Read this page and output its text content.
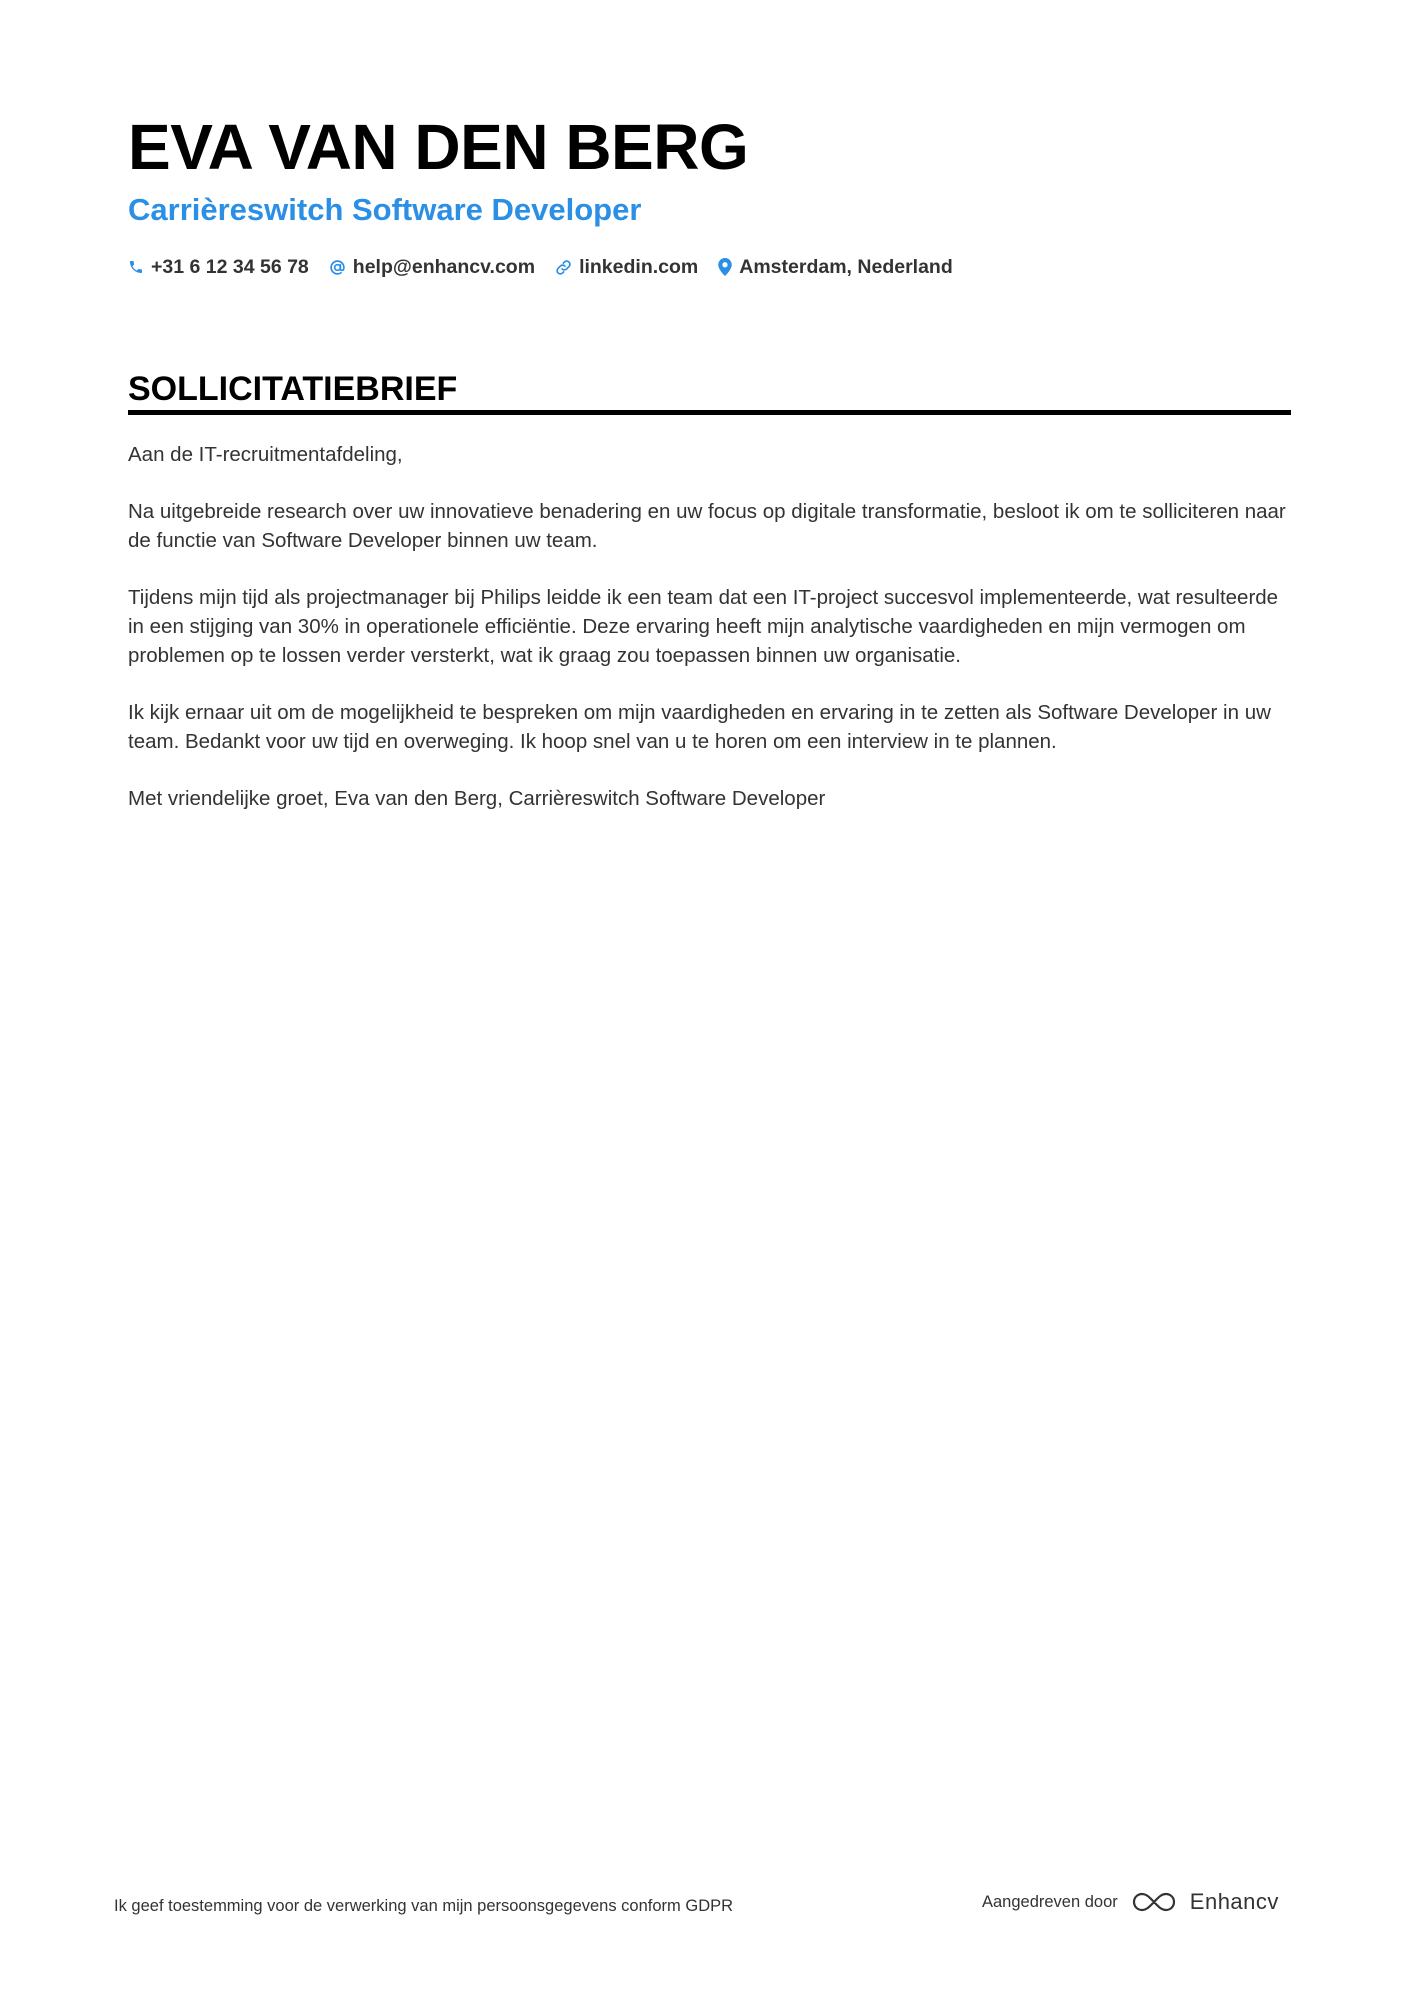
EVA VAN DEN BERG
Carrièreswitch Software Developer
+31 6 12 34 56 78 help@enhancv.com linkedin.com Amsterdam, Nederland
SOLLICITATIEBRIEF

Aan de IT-recruitmentafdeling,

Na uitgebreide research over uw innovatieve benadering en uw focus op digitale transformatie, besloot ik om te solliciteren naar de functie van Software Developer binnen uw team.

Tijdens mijn tijd als projectmanager bij Philips leidde ik een team dat een IT-project succesvol implementeerde, wat resulteerde in een stijging van 30% in operationele efficiëntie. Deze ervaring heeft mijn analytische vaardigheden en mijn vermogen om problemen op te lossen verder versterkt, wat ik graag zou toepassen binnen uw organisatie.

Ik kijk ernaar uit om de mogelijkheid te bespreken om mijn vaardigheden en ervaring in te zetten als Software Developer in uw team. Bedankt voor uw tijd en overweging. Ik hoop snel van u te horen om een interview in te plannen.

Met vriendelijke groet, Eva van den Berg, Carrièreswitch Software Developer

Ik geef toestemming voor de verwerking van mijn persoonsgegevens conform GDPR	Aangedreven door	Enhancv
